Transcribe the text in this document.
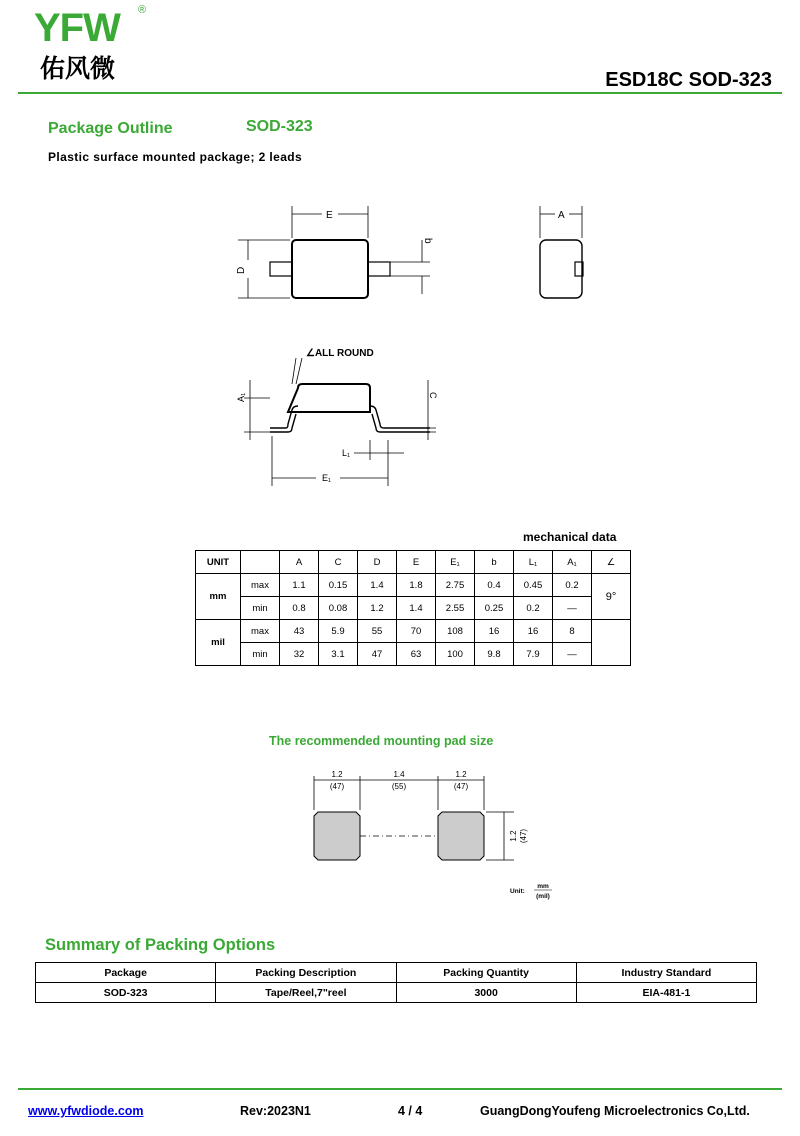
YFW ®
佑风微	ESD18C SOD-323
Package Outline	SOD-323
Plastic surface mounted package; 2 leads
E	A
b
D
∠ALL ROUND
A₁	C
L₁
E₁
mechanical data
UNIT		A	C	D	E	E₁	b	L₁	A₁	∠
mm	max	1.1	0.15	1.4	1.8	2.75	0.4	0.45	0.2	9°
	min	0.8	0.08	1.2	1.4	2.55	0.25	0.2	—	
mil	max	43	5.9	55	70	108	16	16	8	
	min	32	3.1	47	63	100	9.8	7.9	—	
The recommended mounting pad size
1.2
(47)
1.4
(55)
1.2
(47)
1.2 (47)
Unit:
mm
(mil)
Summary of Packing Options
Package	Packing Description	Packing Quantity	Industry Standard
SOD-323	Tape/Reel,7"reel	3000	EIA-481-1
www.yfwdiode.com	Rev:2023N1	4 / 4	GuangDongYoufeng Microelectronics Co,Ltd.
